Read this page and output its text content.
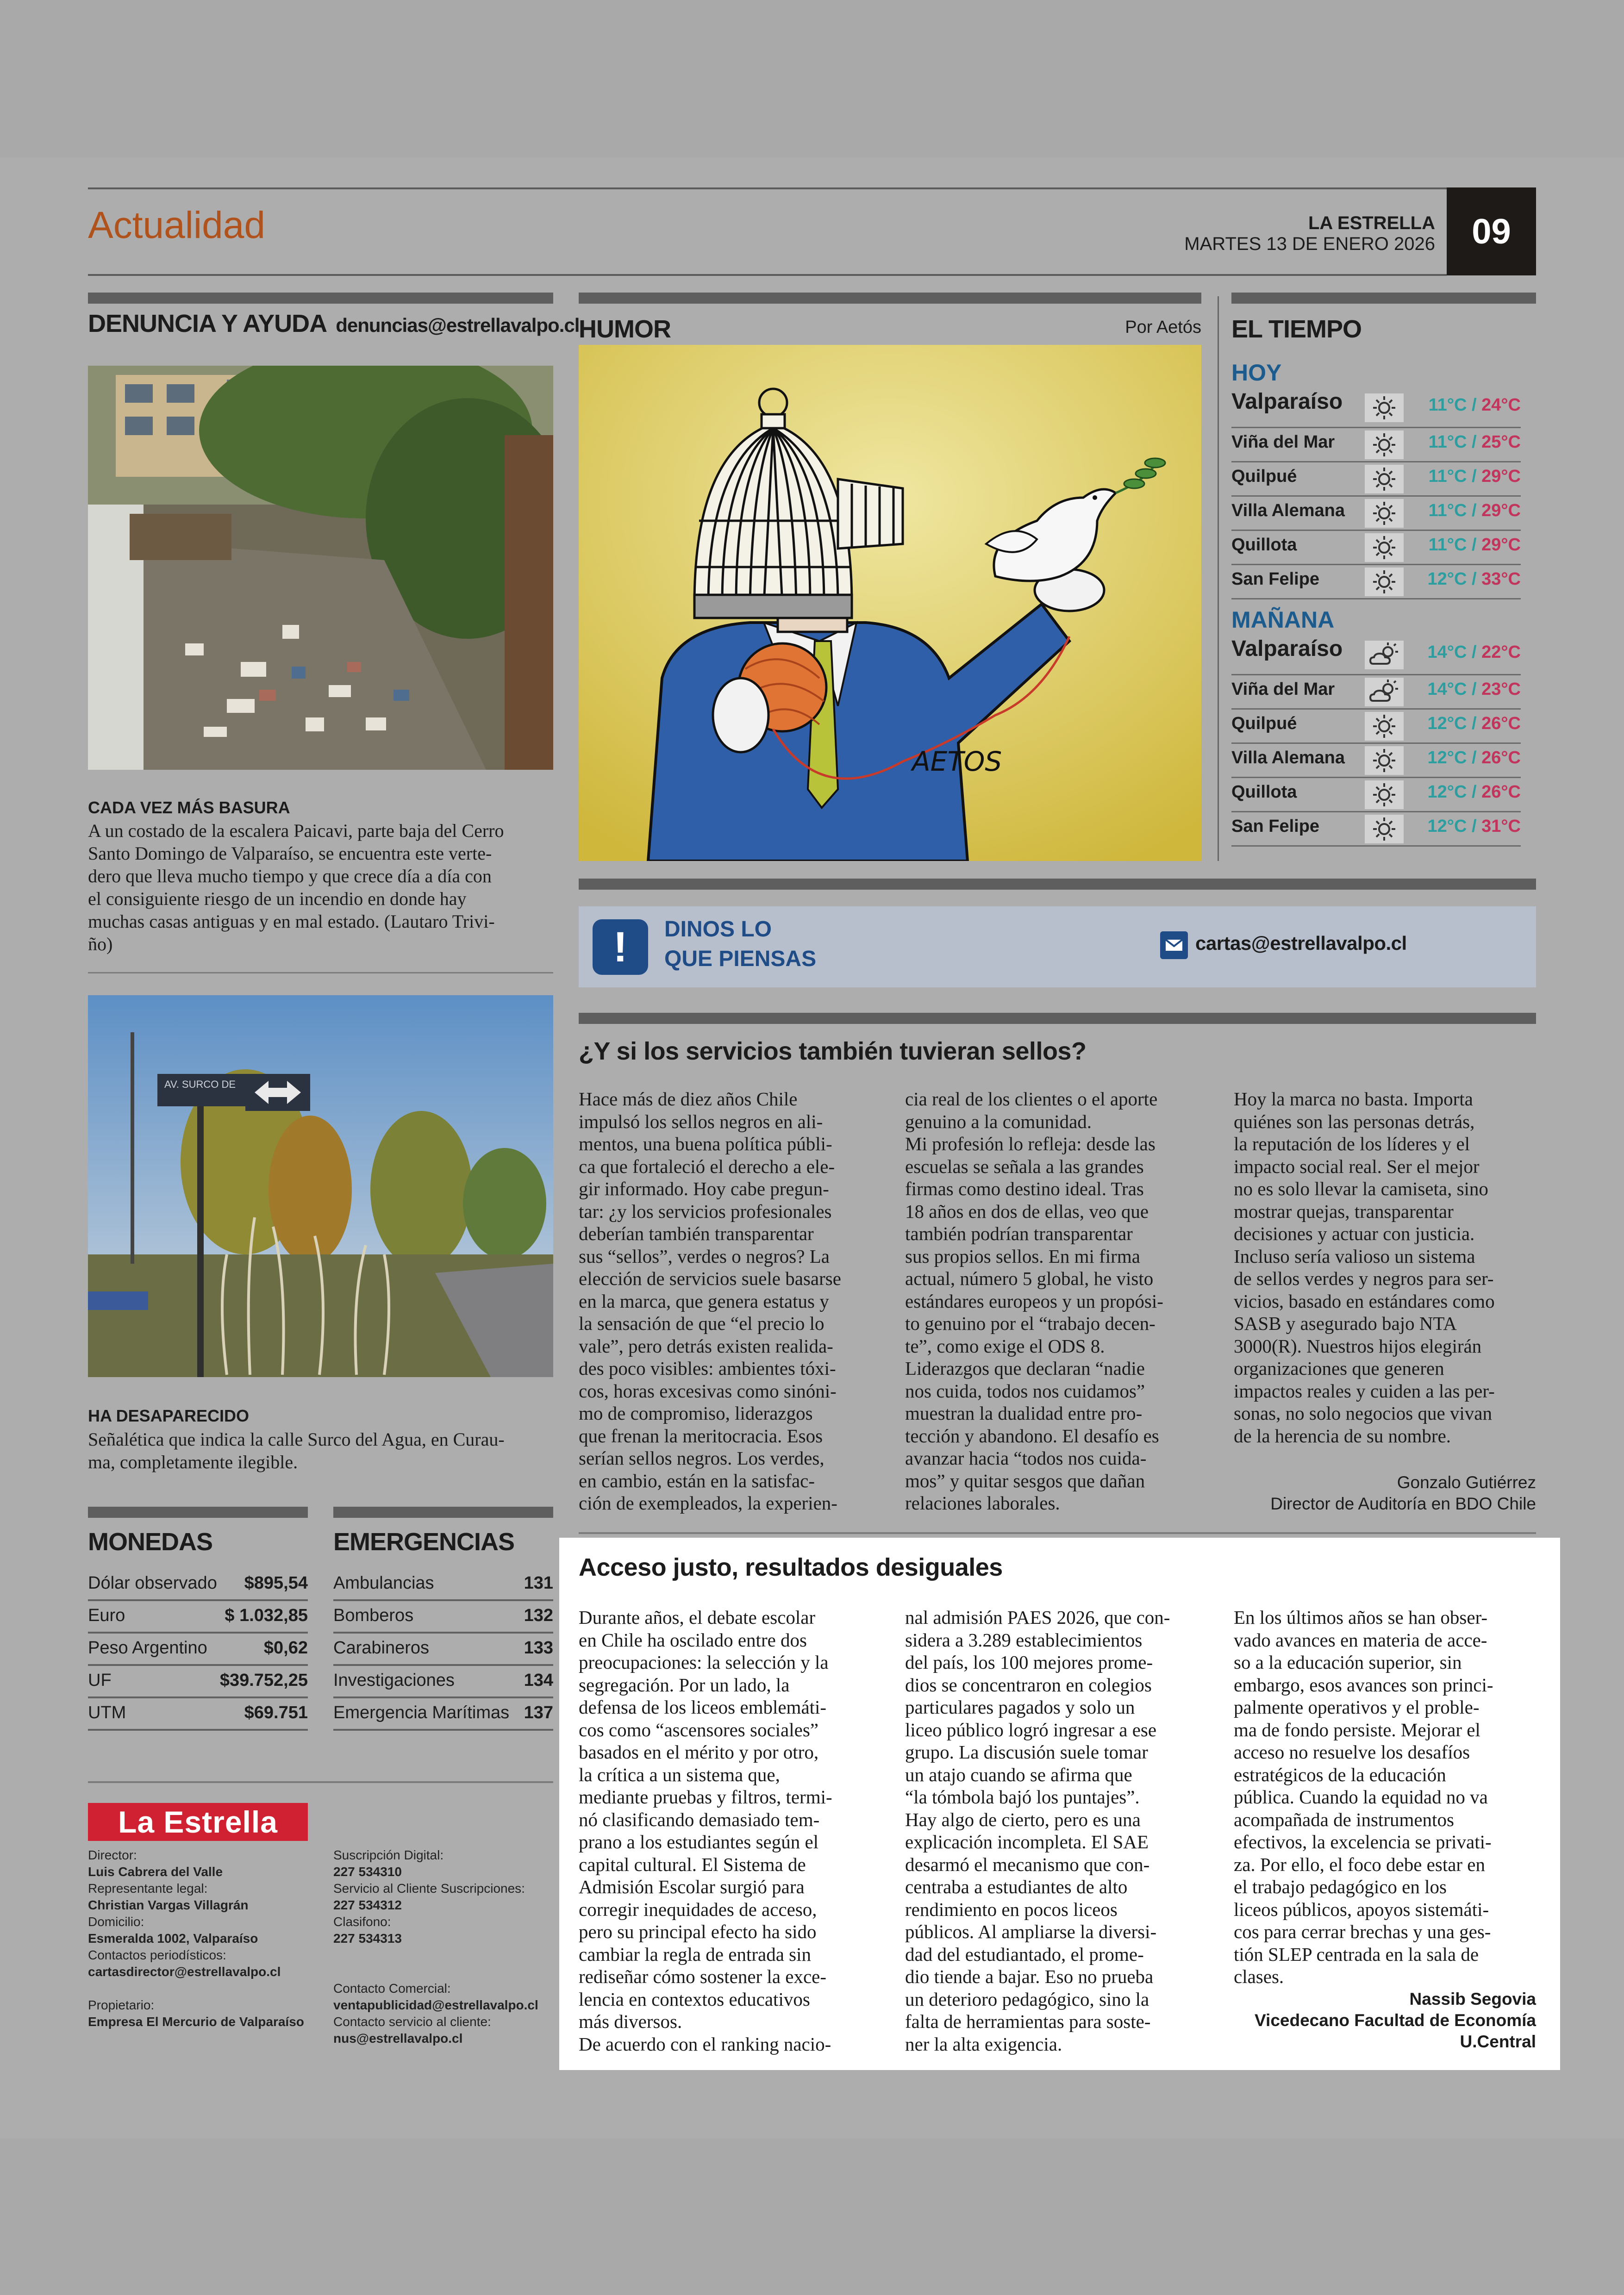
Actualidad	LA ESTRELLA
MARTES 13 DE ENERO 2026	09
DENUNCIA Y AYUDA denuncias@estrellavalpo.cl
CADA VEZ MÁS BASURA
A un costado de la escalera Paicavi, parte baja del Cerro
Santo Domingo de Valparaíso, se encuentra este verte-
dero que lleva mucho tiempo y que crece día a día con
el consiguiente riesgo de un incendio en donde hay
muchas casas antiguas y en mal estado. (Lautaro Trivi-
ño)
AV. SURCO DE
HA DESAPARECIDO
Señalética que indica la calle Surco del Agua, en Curau-
ma, completamente ilegible.
MONEDAS
Dólar observado $895,54
Euro	$ 1.032,85
Peso Argentino	$0,62
UF	$39.752,25
UTM	$69.751
EMERGENCIAS
Ambulancias	131
Bomberos	132
Carabineros	133
Investigaciones	134
Emergencia Marítimas 137
La Estrella
Director:
Luis Cabrera del Valle
Representante legal:
Christian Vargas Villagrán
Domicilio:
Esmeralda 1002, Valparaíso
Contactos periodísticos:
cartasdirector@estrellavalpo.cl
Propietario:
Empresa El Mercurio de Valparaíso
Suscripción Digital:
227 534310
Servicio al Cliente Suscripciones:
227 534312
Clasifono:
227 534313
Contacto Comercial:
ventapublicidad@estrellavalpo.cl
Contacto servicio al cliente:
nus@estrellavalpo.cl
HUMOR	Por Aetós
AETOS
EL TIEMPO
HOY
Valparaíso	11°C / 24°C
Viña del Mar	11°C / 25°C
Quilpué	11°C / 29°C
Villa Alemana	11°C / 29°C
Quillota	11°C / 29°C
San Felipe	12°C / 33°C
MAÑANA
Valparaíso	14°C / 22°C
Viña del Mar	14°C / 23°C
Quilpué	12°C / 26°C
Villa Alemana	12°C / 26°C
Quillota	12°C / 26°C
San Felipe	12°C / 31°C
!	DINOS LO
QUE PIENSAS
cartas@estrellavalpo.cl
¿Y si los servicios también tuvieran sellos?
Hace más de diez años Chile
impulsó los sellos negros en ali-
mentos, una buena política públi-
ca que fortaleció el derecho a ele-
gir informado. Hoy cabe pregun-
tar: ¿y los servicios profesionales
deberían también transparentar
sus “sellos”, verdes o negros? La
elección de servicios suele basarse
en la marca, que genera estatus y
la sensación de que “el precio lo
vale”, pero detrás existen realida-
des poco visibles: ambientes tóxi-
cos, horas excesivas como sinóni-
mo de compromiso, liderazgos
que frenan la meritocracia. Esos
serían sellos negros. Los verdes,
en cambio, están en la satisfac-
ción de exempleados, la experien-
cia real de los clientes o el aporte
genuino a la comunidad.
Mi profesión lo refleja: desde las
escuelas se señala a las grandes
firmas como destino ideal. Tras
18 años en dos de ellas, veo que
también podrían transparentar
sus propios sellos. En mi firma
actual, número 5 global, he visto
estándares europeos y un propósi-
to genuino por el “trabajo decen-
te”, como exige el ODS 8.
Liderazgos que declaran “nadie
nos cuida, todos nos cuidamos”
muestran la dualidad entre pro-
tección y abandono. El desafío es
avanzar hacia “todos nos cuida-
mos” y quitar sesgos que dañan
relaciones laborales.
Hoy la marca no basta. Importa
quiénes son las personas detrás,
la reputación de los líderes y el
impacto social real. Ser el mejor
no es solo llevar la camiseta, sino
mostrar quejas, transparentar
decisiones y actuar con justicia.
Incluso sería valioso un sistema
de sellos verdes y negros para ser-
vicios, basado en estándares como
SASB y asegurado bajo NTA
3000(R). Nuestros hijos elegirán
organizaciones que generen
impactos reales y cuiden a las per-
sonas, no solo negocios que vivan
de la herencia de su nombre.
Gonzalo Gutiérrez
Director de Auditoría en BDO Chile
Acceso justo, resultados desiguales
Durante años, el debate escolar
en Chile ha oscilado entre dos
preocupaciones: la selección y la
segregación. Por un lado, la
defensa de los liceos emblemáti-
cos como “ascensores sociales”
basados en el mérito y por otro,
la crítica a un sistema que,
mediante pruebas y filtros, termi-
nó clasificando demasiado tem-
prano a los estudiantes según el
capital cultural. El Sistema de
Admisión Escolar surgió para
corregir inequidades de acceso,
pero su principal efecto ha sido
cambiar la regla de entrada sin
rediseñar cómo sostener la exce-
lencia en contextos educativos
más diversos.
De acuerdo con el ranking nacio-
nal admisión PAES 2026, que con-
sidera a 3.289 establecimientos
del país, los 100 mejores prome-
dios se concentraron en colegios
particulares pagados y solo un
liceo público logró ingresar a ese
grupo. La discusión suele tomar
un atajo cuando se afirma que
“la tómbola bajó los puntajes”.
Hay algo de cierto, pero es una
explicación incompleta. El SAE
desarmó el mecanismo que con-
centraba a estudiantes de alto
rendimiento en pocos liceos
públicos. Al ampliarse la diversi-
dad del estudiantado, el prome-
dio tiende a bajar. Eso no prueba
un deterioro pedagógico, sino la
falta de herramientas para soste-
ner la alta exigencia.
En los últimos años se han obser-
vado avances en materia de acce-
so a la educación superior, sin
embargo, esos avances son princi-
palmente operativos y el proble-
ma de fondo persiste. Mejorar el
acceso no resuelve los desafíos
estratégicos de la educación
pública. Cuando la equidad no va
acompañada de instrumentos
efectivos, la excelencia se privati-
za. Por ello, el foco debe estar en
el trabajo pedagógico en los
liceos públicos, apoyos sistemáti-
cos para cerrar brechas y una ges-
tión SLEP centrada en la sala de
clases.
Nassib Segovia
Vicedecano Facultad de Economía
U.Central
